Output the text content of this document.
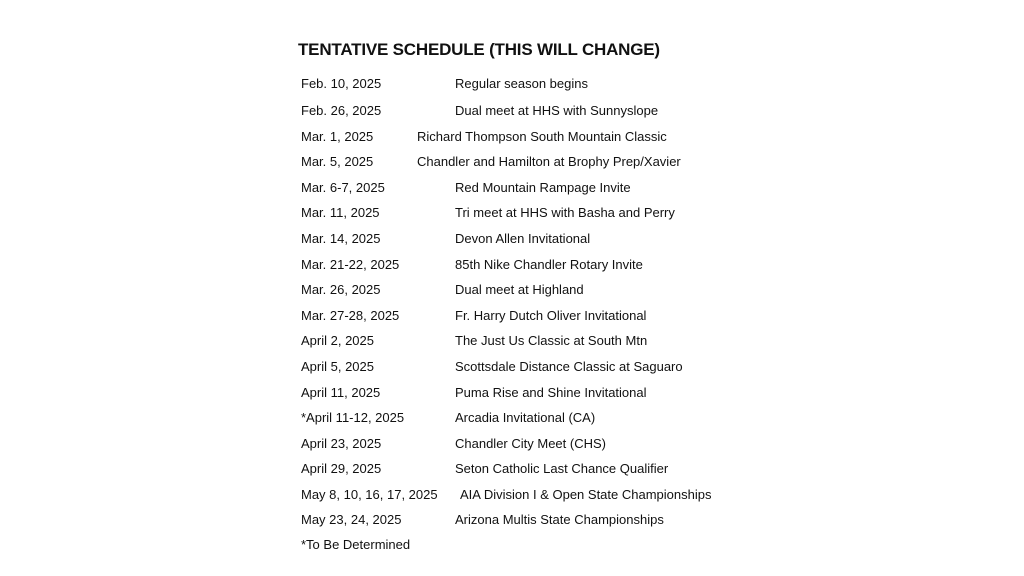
TENTATIVE SCHEDULE (THIS WILL CHANGE)
Feb. 10, 2025	Regular season begins
Feb. 26, 2025	Dual meet at HHS with Sunnyslope
Mar. 1, 2025	Richard Thompson South Mountain Classic
Mar. 5, 2025	Chandler and Hamilton at Brophy Prep/Xavier
Mar. 6-7, 2025	Red Mountain Rampage Invite
Mar. 11, 2025	Tri meet at HHS with Basha and Perry
Mar. 14, 2025	Devon Allen Invitational
Mar. 21-22, 2025	85th Nike Chandler Rotary Invite
Mar. 26, 2025	Dual meet at Highland
Mar. 27-28, 2025	Fr. Harry Dutch Oliver Invitational
April 2, 2025	The Just Us Classic at South Mtn
April 5, 2025	Scottsdale Distance Classic at Saguaro
April 11, 2025	Puma Rise and Shine Invitational
*April 11-12, 2025	Arcadia Invitational (CA)
April 23, 2025	Chandler City Meet (CHS)
April 29, 2025	Seton Catholic Last Chance Qualifier
May 8, 10, 16, 17, 2025 AIA Division I & Open State Championships
May 23, 24, 2025	Arizona Multis State Championships
*To Be Determined
